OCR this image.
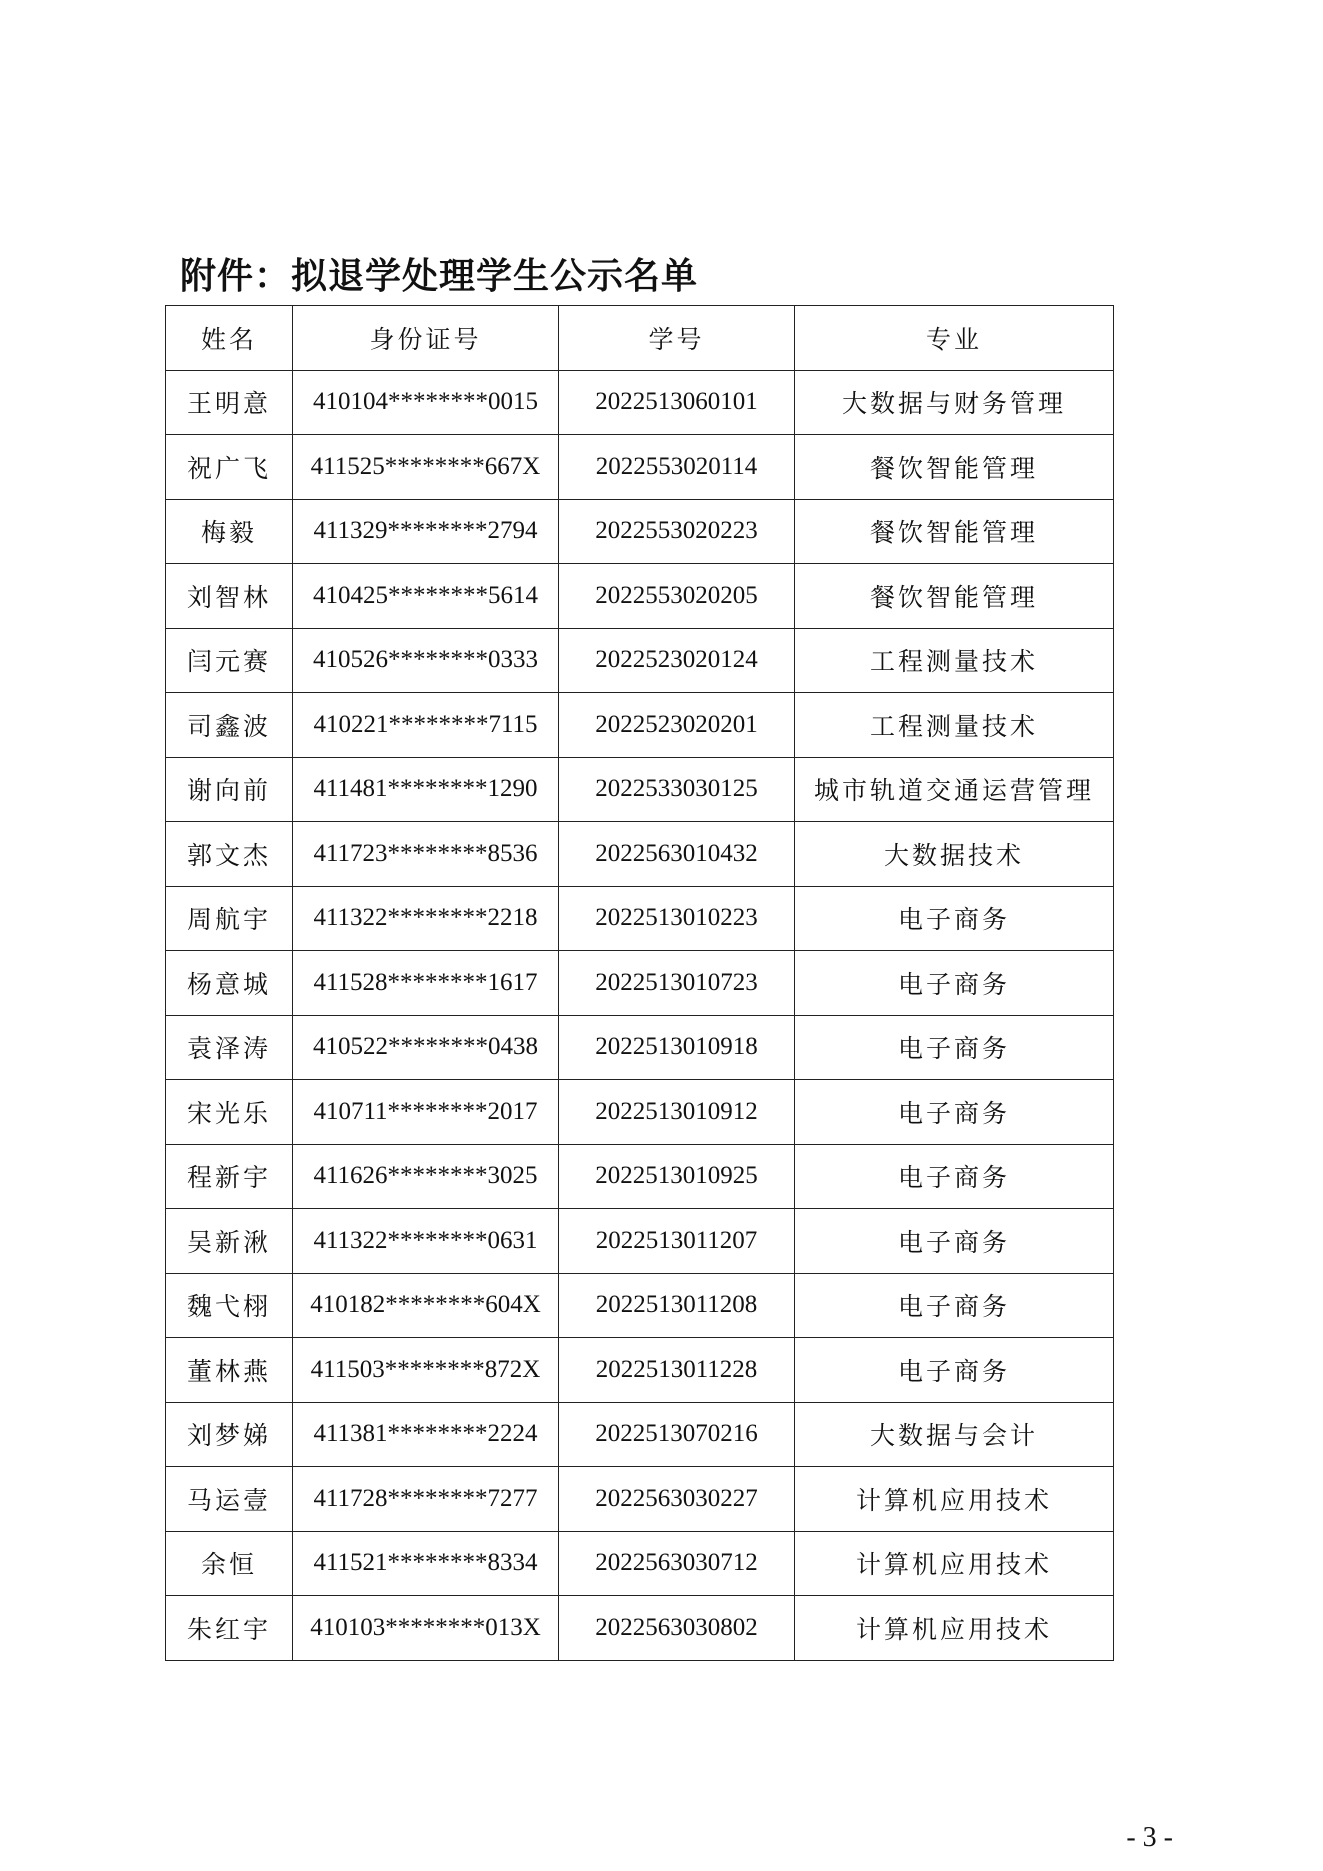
附件：拟退学处理学生公示名单
姓名	身份证号	学号	专业
王明意	410104********0015	2022513060101	大数据与财务管理
祝广飞	411525********667X	2022553020114	餐饮智能管理
梅毅	411329********2794	2022553020223	餐饮智能管理
刘智林	410425********5614	2022553020205	餐饮智能管理
闫元赛	410526********0333	2022523020124	工程测量技术
司鑫波	410221********7115	2022523020201	工程测量技术
谢向前	411481********1290	2022533030125	城市轨道交通运营管理
郭文杰	411723********8536	2022563010432	大数据技术
周航宇	411322********2218	2022513010223	电子商务
杨意城	411528********1617	2022513010723	电子商务
袁泽涛	410522********0438	2022513010918	电子商务
宋光乐	410711********2017	2022513010912	电子商务
程新宇	411626********3025	2022513010925	电子商务
吴新湫	411322********0631	2022513011207	电子商务
魏弋栩	410182********604X	2022513011208	电子商务
董林燕	411503********872X	2022513011228	电子商务
刘梦娣	411381********2224	2022513070216	大数据与会计
马运壹	411728********7277	2022563030227	计算机应用技术
余恒	411521********8334	2022563030712	计算机应用技术
朱红宇	410103********013X	2022563030802	计算机应用技术
- 3 -
